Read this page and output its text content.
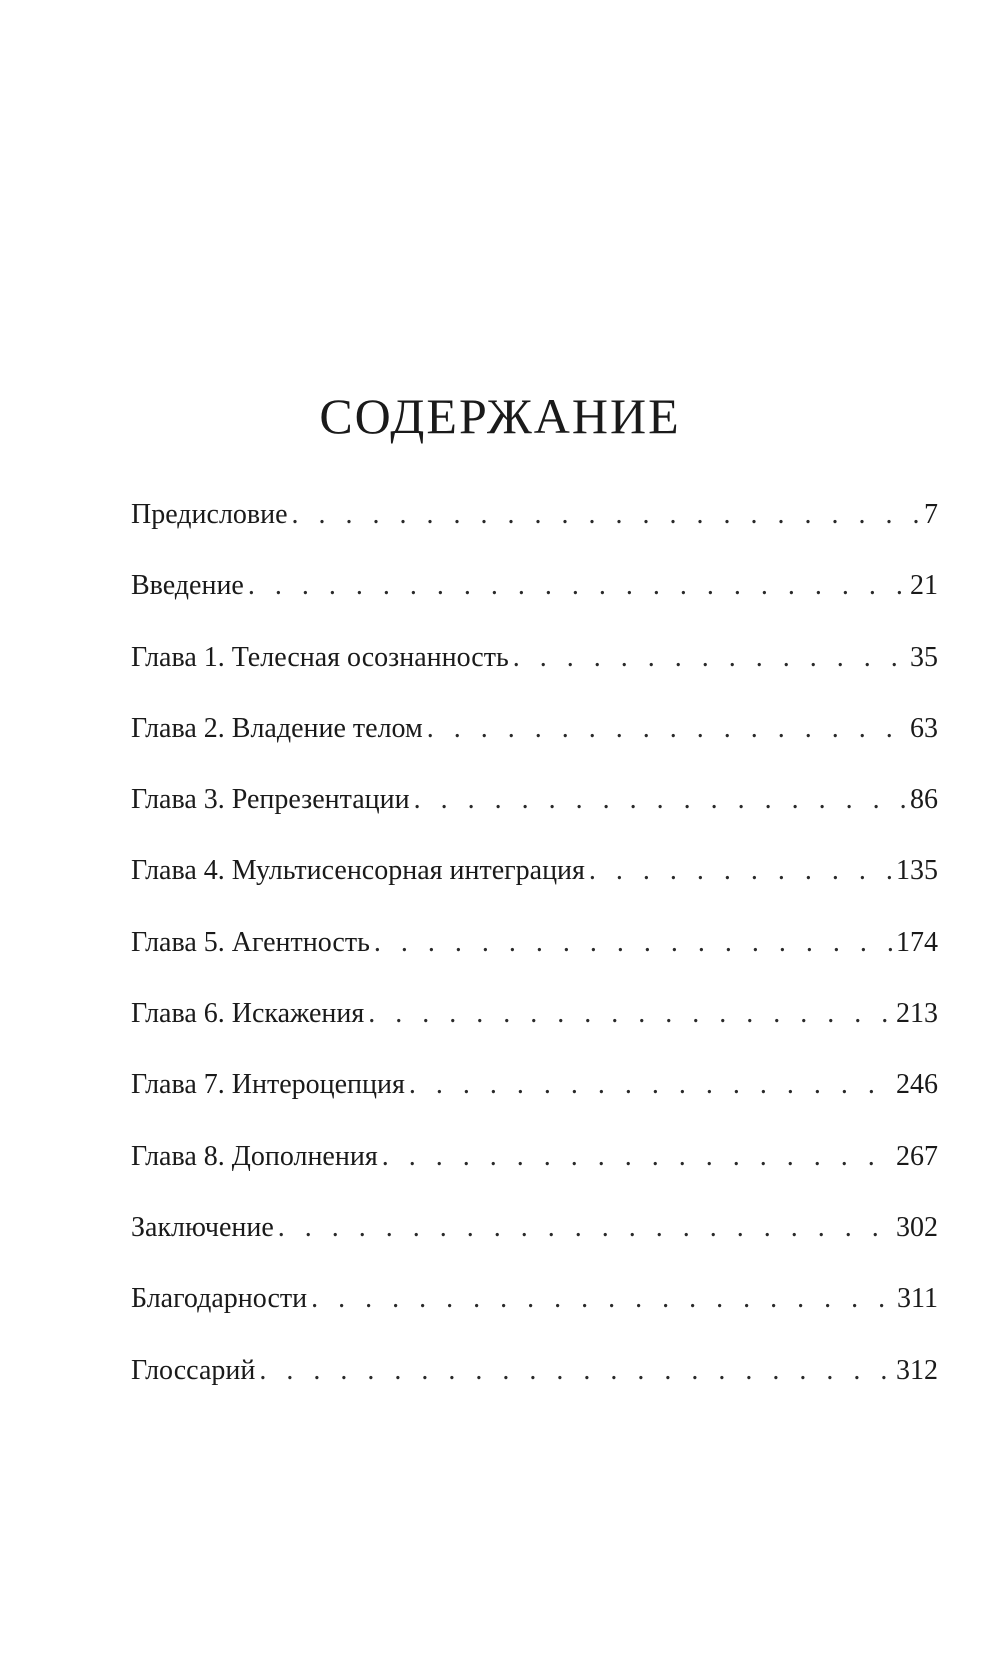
СОДЕРЖАНИЕ
Предисловие . . .	7
Введение . . .	21
Глава 1. Телесная осознанность . . .	35
Глава 2. Владение телом . . .	63
Глава 3. Репрезентации . . .	86
Глава 4. Мультисенсорная интеграция . . .	135
Глава 5. Агентность . . .	174
Глава 6. Искажения . . .	213
Глава 7. Интероцепция . . .	246
Глава 8. Дополнения . . .	267
Заключение . . .	302
Благодарности . . .	311
Глоссарий . . .	312
